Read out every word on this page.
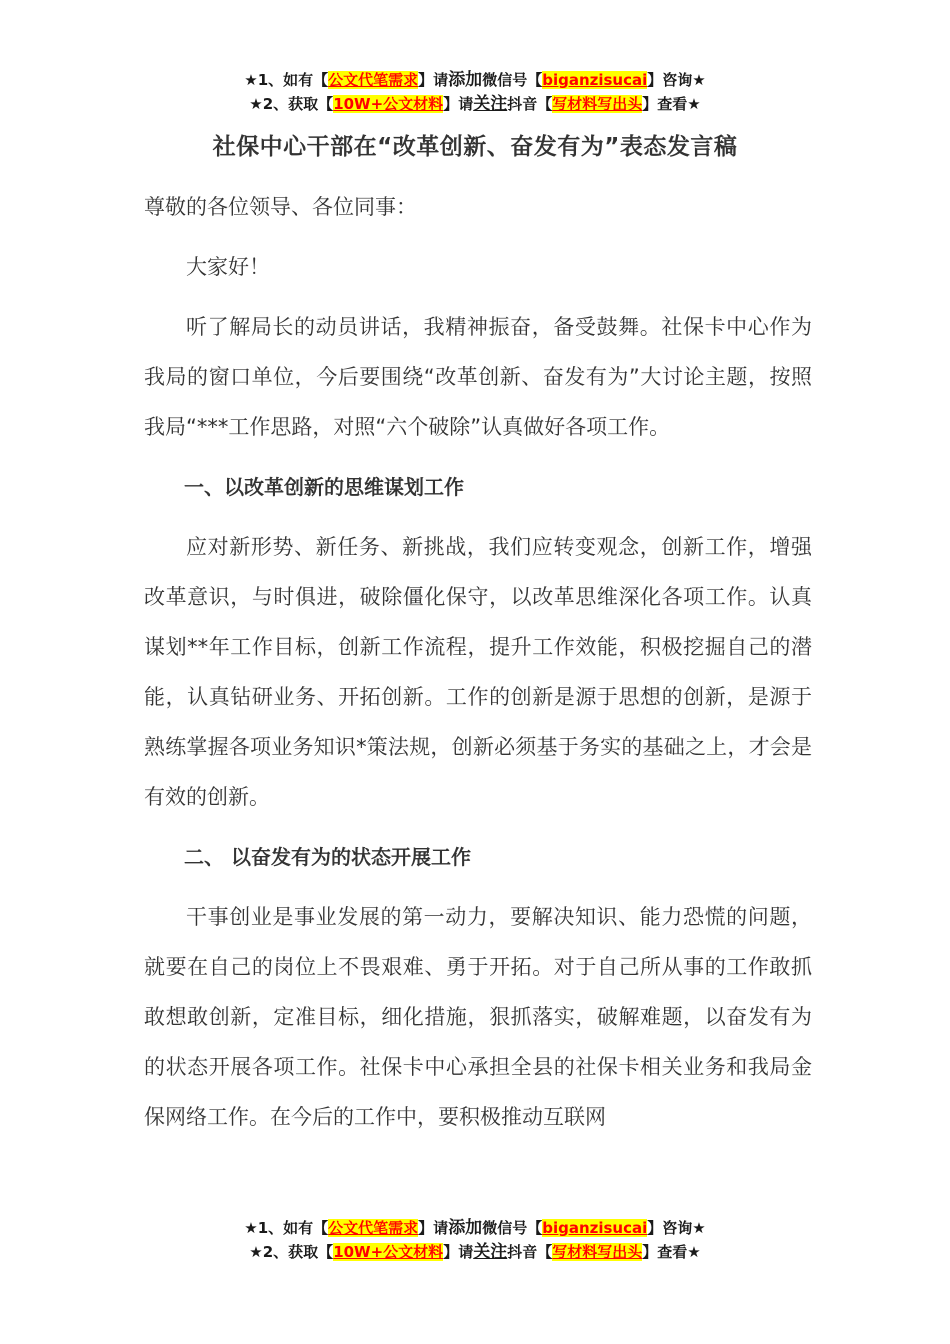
★1、如有【公文代笔需求】请添加微信号【biganzisucai】咨询★
★2、获取【10W+公文材料】请关注抖音【写材料写出头】查看★
社保中心干部在“改革创新、奋发有为”表态发言稿

尊敬的各位领导、各位同事：

大家好！

听了解局长的动员讲话，我精神振奋，备受鼓舞。社保卡中心作为我局的窗口单位，今后要围绕“改革创新、奋发有为”大讨论主题，按照我局“***工作思路，对照“六个破除”认真做好各项工作。

一、以改革创新的思维谋划工作

应对新形势、新任务、新挑战，我们应转变观念，创新工作，增强改革意识，与时俱进，破除僵化保守，以改革思维深化各项工作。认真谋划**年工作目标，创新工作流程，提升工作效能，积极挖掘自己的潜能，认真钻研业务、开拓创新。工作的创新是源于思想的创新，是源于熟练掌握各项业务知识*策法规，创新必须基于务实的基础之上，才会是有效的创新。

二、 以奋发有为的状态开展工作

干事创业是事业发展的第一动力，要解决知识、能力恐慌的问题，就要在自己的岗位上不畏艰难、勇于开拓。对于自己所从事的工作敢抓敢想敢创新，定准目标，细化措施，狠抓落实，破解难题，以奋发有为的状态开展各项工作。社保卡中心承担全县的社保卡相关业务和我局金保网络工作。在今后的工作中，要积极推动互联网

★1、如有【公文代笔需求】请添加微信号【biganzisucai】咨询★
★2、获取【10W+公文材料】请关注抖音【写材料写出头】查看★
